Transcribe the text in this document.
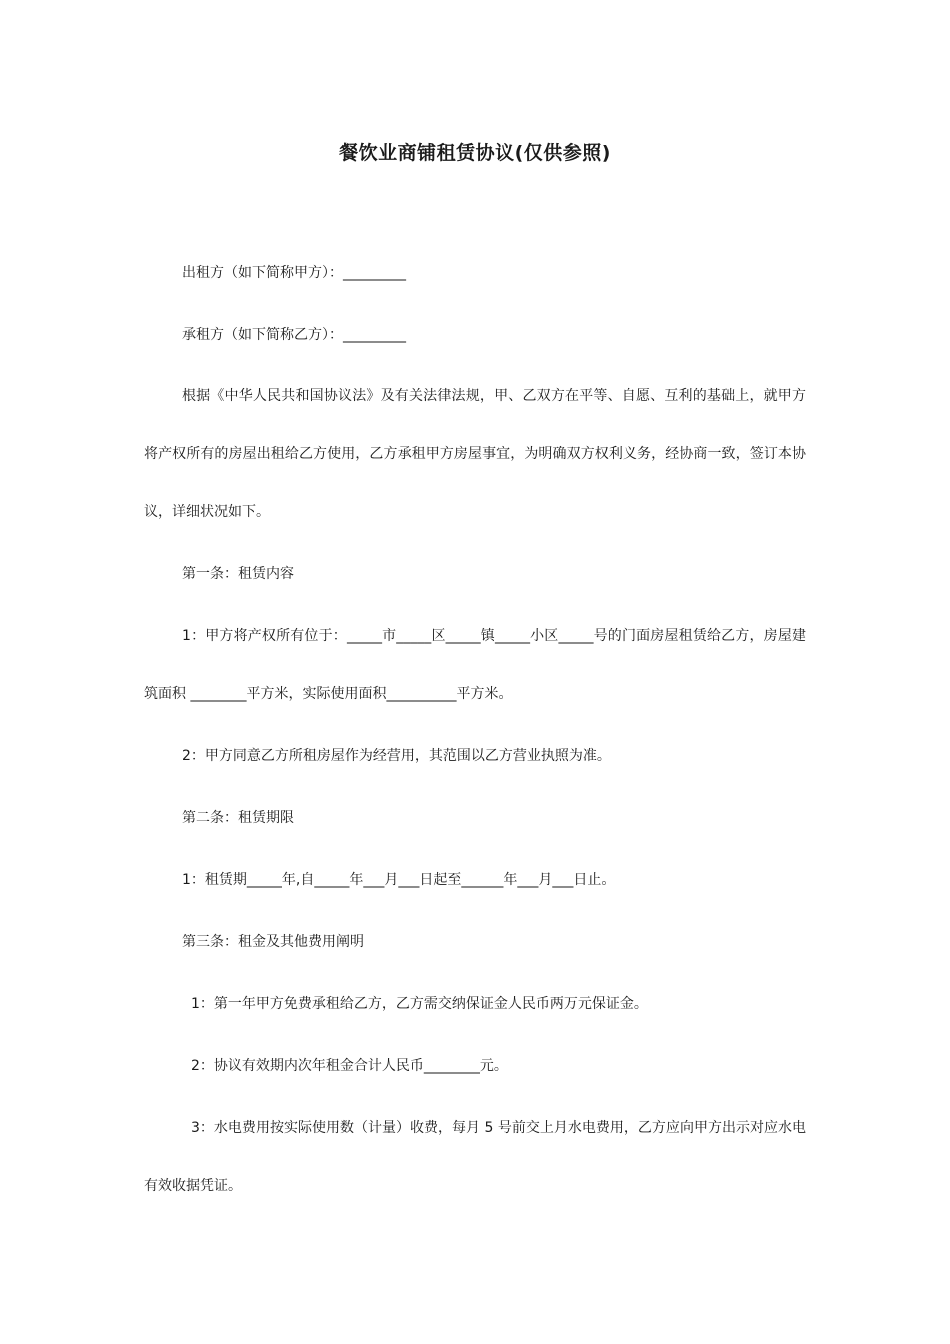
餐饮业商铺租赁协议(仅供参照)

出租方（如下简称甲方）：_________

承租方（如下简称乙方）：_________

根据《中华人民共和国协议法》及有关法律法规，甲、乙双方在平等、自愿、互利的基础上，就甲方将产权所有的房屋出租给乙方使用，乙方承租甲方房屋事宜，为明确双方权利义务，经协商一致，签订本协议，详细状况如下。

第一条：租赁内容

1：甲方将产权所有位于：_____市_____区_____镇_____小区_____号的门面房屋租赁给乙方，房屋建筑面积 ________平方米，实际使用面积__________平方米。

2：甲方同意乙方所租房屋作为经营用，其范围以乙方营业执照为准。

第二条：租赁期限

1：租赁期_____年,自_____年___月___日起至______年___月___日止。

第三条：租金及其他费用阐明

1：第一年甲方免费承租给乙方，乙方需交纳保证金人民币两万元保证金。

2：协议有效期内次年租金合计人民币________元。

3：水电费用按实际使用数（计量）收费，每月 5 号前交上月水电费用，乙方应向甲方出示对应水电有效收据凭证。
